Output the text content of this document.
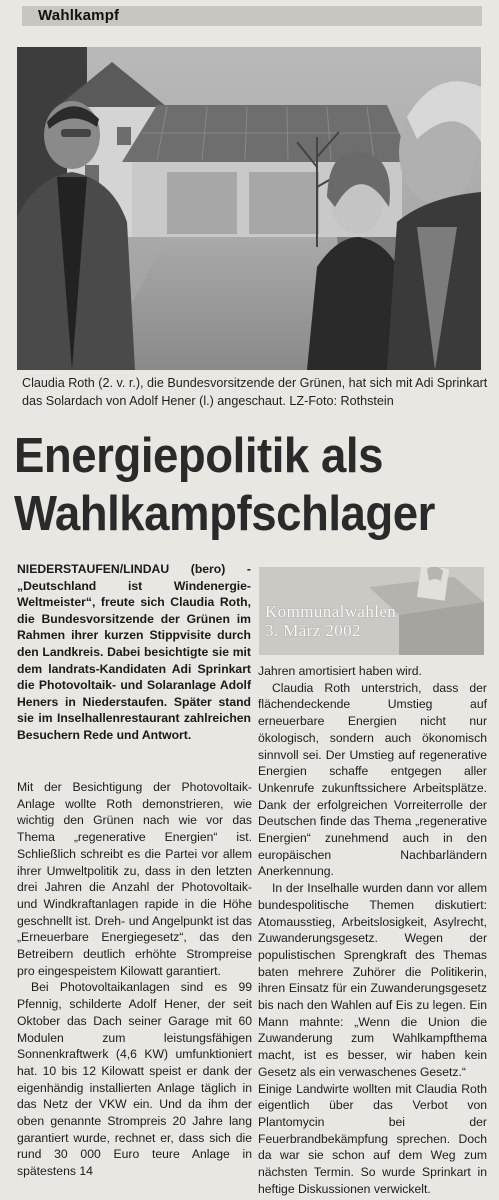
Wahlkampf
Claudia Roth (2. v. r.), die Bundesvorsitzende der Grünen, hat sich mit Adi Sprinkart das Solardach von Adolf Hener (l.) angeschaut. LZ-Foto: Rothstein
Energiepolitik als
Wahlkampfschlager
NIEDERSTAUFEN/LINDAU (bero) - „Deutschland ist Windenergie-Weltmeister“, freute sich Claudia Roth, die Bundesvorsitzende der Grünen im Rahmen ihrer kurzen Stippvisite durch den Landkreis. Dabei besichtigte sie mit dem landrats-Kandidaten Adi Sprinkart die Photovoltaik- und Solaranlage Adolf Heners in Niederstaufen. Später stand sie im Inselhallenrestaurant zahlreichen Besuchern Rede und Antwort.
Kommunalwahlen
3. März 2002

Mit der Besichtigung der Photovoltaik-Anlage wollte Roth demonstrieren, wie wichtig den Grünen nach wie vor das Thema „regenerative Energien“ ist. Schließlich schreibt es die Partei vor allem ihrer Umweltpolitik zu, dass in den letzten drei Jahren die Anzahl der Photovoltaik- und Windkraftanlagen rapide in die Höhe geschnellt ist. Dreh- und Angelpunkt ist das „Erneuerbare Energiegesetz“, das den Betreibern deutlich erhöhte Strompreise pro eingespeistem Kilowatt garantiert.

Bei Photovoltaikanlagen sind es 99 Pfennig, schilderte Adolf Hener, der seit Oktober das Dach seiner Garage mit 60 Modulen zum leistungsfähigen Sonnenkraftwerk (4,6 KW) umfunktioniert hat. 10 bis 12 Kilowatt speist er dank der eigenhändig installierten Anlage täglich in das Netz der VKW ein. Und da ihm der oben genannte Strompreis 20 Jahre lang garantiert wurde, rechnet er, dass sich die rund 30 000 Euro teure Anlage in spätestens 14

Jahren amortisiert haben wird.

Claudia Roth unterstrich, dass der flächendeckende Umstieg auf erneuerbare Energien nicht nur ökologisch, sondern auch ökonomisch sinnvoll sei. Der Umstieg auf regenerative Energien schaffe entgegen aller Unkenrufe zukunftssichere Arbeitsplätze. Dank der erfolgreichen Vorreiterrolle der Deutschen finde das Thema „regenerative Energien“ zunehmend auch in den europäischen Nachbarländern Anerkennung.

In der Inselhalle wurden dann vor allem bundespolitische Themen diskutiert: Atomausstieg, Arbeitslosigkeit, Asylrecht, Zuwanderungsgesetz. Wegen der populistischen Sprengkraft des Themas baten mehrere Zuhörer die Politikerin, ihren Einsatz für ein Zuwanderungsgesetz bis nach den Wahlen auf Eis zu legen. Ein Mann mahnte: „Wenn die Union die Zuwanderung zum Wahlkampfthema macht, ist es besser, wir haben kein Gesetz als ein verwaschenes Gesetz.“

Einige Landwirte wollten mit Claudia Roth eigentlich über das Verbot von Plantomycin bei der Feuerbrandbekämpfung sprechen. Doch da war sie schon auf dem Weg zum nächsten Termin. So wurde Sprinkart in heftige Diskussionen verwickelt.
